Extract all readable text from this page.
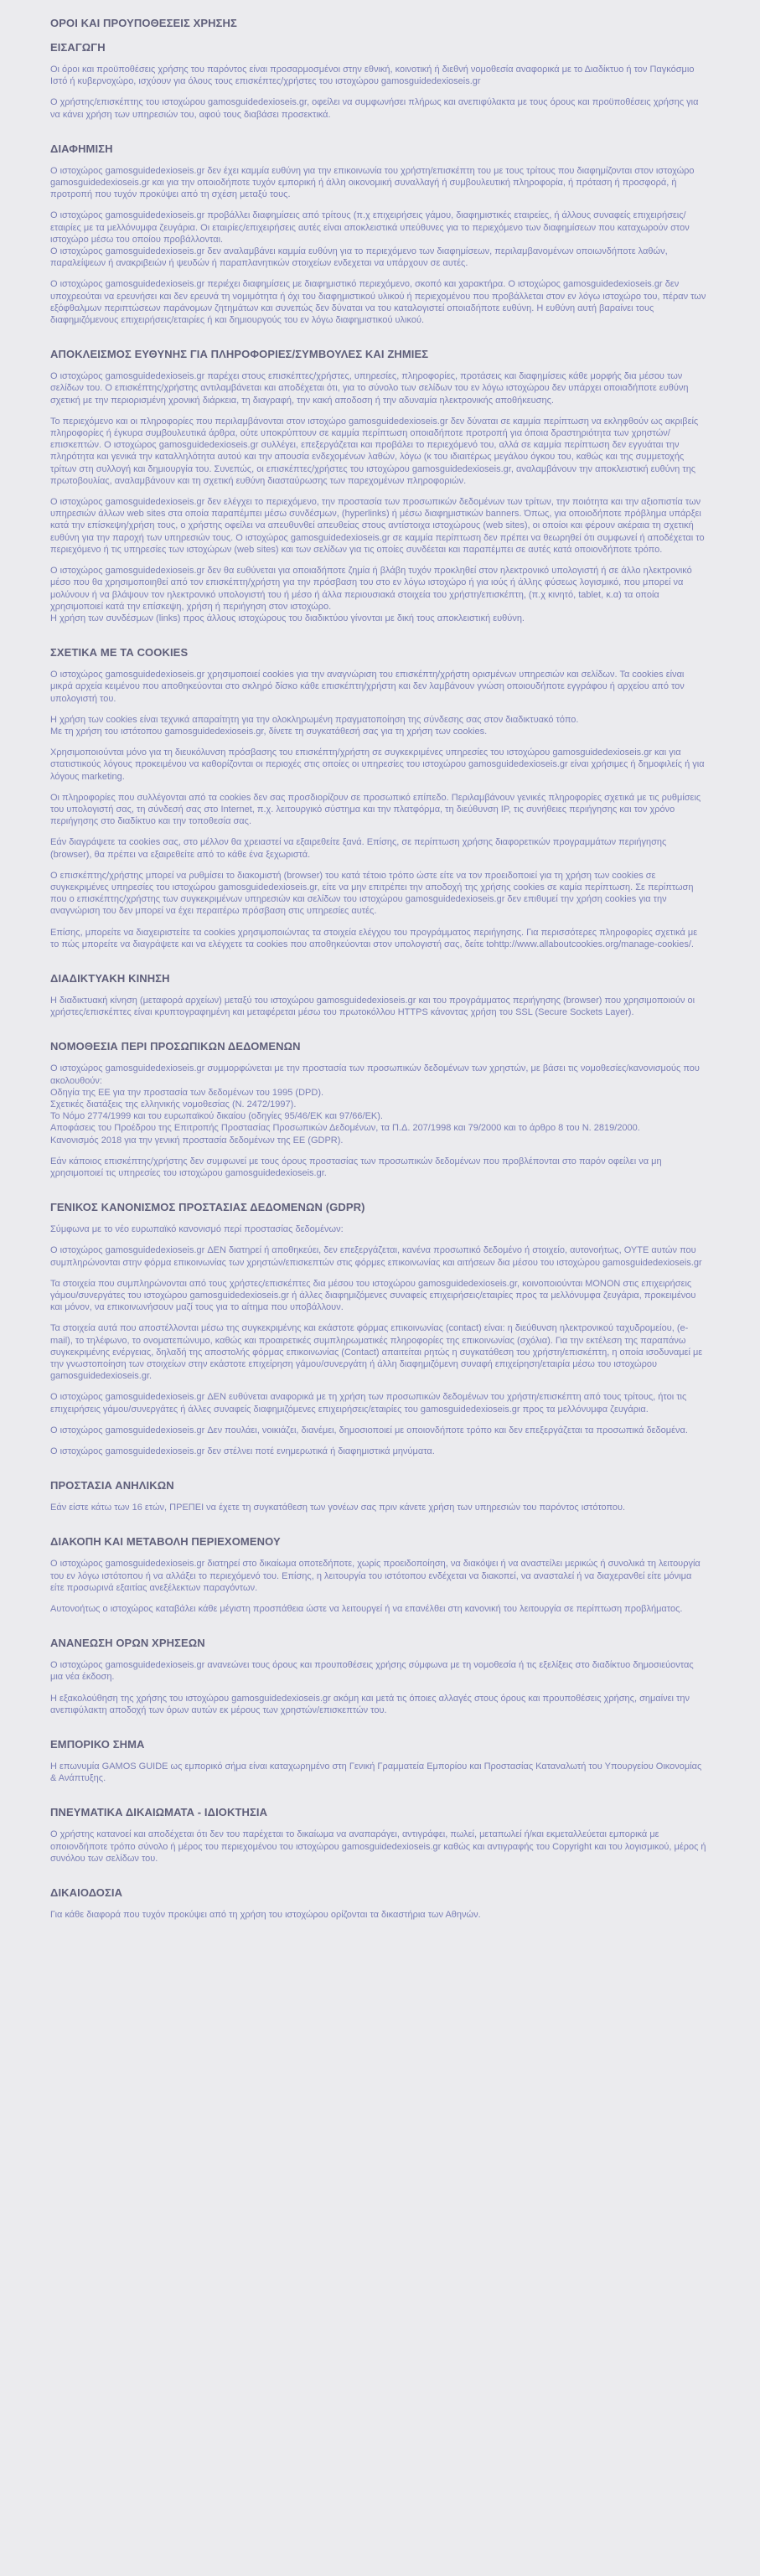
ΟΡΟΙ ΚΑΙ ΠΡΟΥΠΟΘΕΣΕΙΣ ΧΡΗΣΗΣ
ΕΙΣΑΓΩΓΗ

Οι όροι και προϋποθέσεις χρήσης του παρόντος είναι προσαρμοσμένοι στην εθνική, κοινοτική ή διεθνή νομοθεσία αναφορικά με το Διαδίκτυο ή τον Παγκόσμιο Ιστό ή κυβερνοχώρο, ισχύουν για όλους τους επισκέπτες/χρήστες του ιστοχώρου gamosguidedexioseis.gr

Ο χρήστης/επισκέπτης του ιστοχώρου gamosguidedexioseis.gr, οφείλει να συμφωνήσει πλήρως και ανεπιφύλακτα με τους όρους και προϋποθέσεις χρήσης για να κάνει χρήση των υπηρεσιών του, αφού τους διαβάσει προσεκτικά.

ΔΙΑΦΗΜΙΣΗ

Ο ιστοχώρος gamosguidedexioseis.gr δεν έχει καμμία ευθύνη για την επικοινωνία του χρήστη/επισκέπτη του με τους τρίτους που διαφημίζονται στον ιστοχώρο gamosguidedexioseis.gr και για την οποιοδήποτε τυχόν εμπορική ή άλλη οικονομική συναλλαγή ή συμβουλευτική πληροφορία, ή πρόταση ή προσφορά, ή προτροπή που τυχόν προκύψει από τη σχέση μεταξύ τους.

Ο ιστοχώρος gamosguidedexioseis.gr προβάλλει διαφημίσεις από τρίτους (π.χ επιχειρήσεις γάμου, διαφημιστικές εταιρείες, ή άλλους συναφείς επιχειρήσεις/εταιρίες με τα μελλόνυμφα ζευγάρια. Οι εταιρίες/επιχειρήσεις αυτές είναι αποκλειστικά υπεύθυνες για το περιεχόμενο των διαφημίσεων που καταχωρούν στον ιστοχώρο μέσω του οποίου προβάλλονται.
Ο ιστοχώρος gamosguidedexioseis.gr δεν αναλαμβάνει καμμία ευθύνη για το περιεχόμενο των διαφημίσεων, περιλαμβανομένων οποιωνδήποτε λαθών, παραλείψεων ή ανακριβειών ή ψευδών ή παραπλανητικών στοιχείων ενδεχεται να υπάρχουν σε αυτές.

Ο ιστοχώρος gamosguidedexioseis.gr περιέχει διαφημίσεις με διαφημιστικό περιεχόμενο, σκοπό και χαρακτήρα. Ο ιστοχώρος gamosguidedexioseis.gr δεν υποχρεούται να ερευνήσει και δεν ερευνά τη νομιμότητα ή όχι του διαφημιστικού υλικού ή περιεχομένου που προβάλλεται στον εν λόγω ιστοχώρο του, πέραν των εξόφθαλμων περιπτώσεων παράνομων ζητημάτων και συνεπώς δεν δύναται να του καταλογιστεί οποιαδήποτε ευθύνη. Η ευθύνη αυτή βαραίνει τους διαφημιζόμενους επιχειρήσεις/εταιρίες ή και δημιουργούς του εν λόγω διαφημιστικού υλικού.

ΑΠΟΚΛΕΙΣΜΟΣ ΕΥΘΥΝΗΣ ΓΙΑ ΠΛΗΡΟΦΟΡΙΕΣ/ΣΥΜΒΟΥΛΕΣ ΚΑΙ ΖΗΜΙΕΣ

Ο ιστοχώρος gamosguidedexioseis.gr παρέχει στους επισκέπτες/χρήστες, υπηρεσίες, πληροφορίες, προτάσεις και διαφημίσεις κάθε μορφής δια μέσου των σελίδων του. Ο επισκέπτης/χρήστης αντιλαμβάνεται και αποδέχεται ότι, για το σύνολο των σελίδων του εν λόγω ιστοχώρου δεν υπάρχει οποιαδήποτε ευθύνη σχετική με την περιορισμένη χρονική διάρκεια, τη διαγραφή, την κακή αποδοση ή την αδυναμία ηλεκτρονικής αποθήκευσης.

Το περιεχόμενο και οι πληροφορίες που περιλαμβάνονται στον ιστοχώρο gamosguidedexioseis.gr δεν δύναται σε καμμία περίπτωση να εκληφθούν ως ακριβείς πληροφορίες ή έγκυρα συμβουλευτικά άρθρα, ούτε υποκρύπτουν σε καμμία περίπτωση οποιαδήποτε προτροπή για όποια δραστηριότητα των χρηστών/επισκεπτών. Ο ιστοχώρος gamosguidedexioseis.gr συλλέγει, επεξεργάζεται και προβάλει το περιεχόμενό του, αλλά σε καμμία περίπτωση δεν εγγυάται την πληρότητα και γενικά την καταλληλότητα αυτού και την απουσία ενδεχομένων λαθών, λόγω (κ του ιδιαιτέρως μεγάλου όγκου του, καθώς και της συμμετοχής τρίτων στη συλλογή και δημιουργία του. Συνεπώς, οι επισκέπτες/χρήστες του ιστοχώρου gamosguidedexioseis.gr, αναλαμβάνουν την αποκλειστική ευθύνη της πρωτοβουλίας, αναλαμβάνουν και τη σχετική ευθύνη διασταύρωσης των παρεχομένων πληροφοριών.

Ο ιστοχώρος gamosguidedexioseis.gr δεν ελέγχει το περιεχόμενο, την προστασία των προσωπικών δεδομένων των τρίτων, την ποιότητα και την αξιοπιστία των υπηρεσιών άλλων web sites στα οποία παραπέμπει μέσω συνδέσμων, (hyperlinks) ή μέσω διαφημιστικών banners. Όπως, για οποιοδήποτε πρόβλημα υπάρξει κατά την επίσκεψη/χρήση τους, ο χρήστης οφείλει να απευθυνθεί απευθείας στους αντίστοιχα ιστοχώρους (web sites), οι οποίοι και φέρουν ακέραια τη σχετική ευθύνη για την παροχή των υπηρεσιών τους. Ο ιστοχώρος gamosguidedexioseis.gr σε καμμία περίπτωση δεν πρέπει να θεωρηθεί ότι συμφωνεί ή αποδέχεται το περιεχόμενο ή τις υπηρεσίες των ιστοχώρων (web sites) και των σελίδων για τις οποίες συνδέεται και παραπέμπει σε αυτές κατά οποιονδήποτε τρόπο.

Ο ιστοχώρος gamosguidedexioseis.gr δεν θα ευθύνεται για οποιαδήποτε ζημία ή βλάβη τυχόν προκληθεί στον ηλεκτρονικό υπολογιστή ή σε άλλο ηλεκτρονικό μέσο που θα χρησιμοποιηθεί από τον επισκέπτη/χρήστη για την πρόσβαση του στο εν λόγω ιστοχώρο ή για ιούς ή άλλης φύσεως λογισμικό, που μπορεί να μολύνουν ή να βλάψουν τον ηλεκτρονικό υπολογιστή του ή μέσο ή άλλα περιουσιακά στοιχεία του χρήστη/επισκέπτη, (π.χ κινητό, tablet, κ.α) τα οποία χρησιμοποιεί κατά την επίσκεψη, χρήση ή περιήγηση στον ιστοχώρο.
Η χρήση των συνδέσμων (links) προς άλλους ιστοχώρους του διαδικτύου γίνονται με δική τους αποκλειστική ευθύνη.

ΣΧΕΤΙΚΑ ΜΕ ΤΑ COOKIES

Ο ιστοχώρος gamosguidedexioseis.gr χρησιμοποιεί cookies για την αναγνώριση του επισκέπτη/χρήστη ορισμένων υπηρεσιών και σελίδων. Τα cookies είναι μικρά αρχεία κειμένου που αποθηκεύονται στο σκληρό δίσκο κάθε επισκέπτη/χρήστη και δεν λαμβάνουν γνώση οποιουδήποτε εγγράφου ή αρχείου από τον υπολογιστή του.

Η χρήση των cookies είναι τεχνικά απαραίτητη για την ολοκληρωμένη πραγματοποίηση της σύνδεσης σας στον διαδικτυακό τόπο.
Με τη χρήση του ιστότοπου gamosguidedexioseis.gr, δίνετε τη συγκατάθεσή σας για τη χρήση των cookies.

Χρησιμοποιούνται μόνο για τη διευκόλυνση πρόσβασης του επισκέπτη/χρήστη σε συγκεκριμένες υπηρεσίες του ιστοχώρου gamosguidedexioseis.gr και για στατιστικούς λόγους προκειμένου να καθορίζονται οι περιοχές στις οποίες οι υπηρεσίες του ιστοχώρου gamosguidedexioseis.gr είναι χρήσιμες ή δημοφιλείς ή για λόγους marketing.

Οι πληροφορίες που συλλέγονται από τα cookies δεν σας προσδιορίζουν σε προσωπικό επίπεδο. Περιλαμβάνουν γενικές πληροφορίες σχετικά με τις ρυθμίσεις του υπολογιστή σας, τη σύνδεσή σας στο Internet, π.χ. λειτουργικό σύστημα και την πλατφόρμα, τη διεύθυνση IP, τις συνήθειες περιήγησης και τον χρόνο περιήγησης στο διαδίκτυο και την τοποθεσία σας.

Εάν διαγράψετε τα cookies σας, στο μέλλον θα χρειαστεί να εξαιρεθείτε ξανά. Επίσης, σε περίπτωση χρήσης διαφορετικών προγραμμάτων περιήγησης (browser), θα πρέπει να εξαιρεθείτε από το κάθε ένα ξεχωριστά.

Ο επισκέπτης/χρήστης μπορεί να ρυθμίσει το διακομιστή (browser) του κατά τέτοιο τρόπο ώστε είτε να τον προειδοποιεί για τη χρήση των cookies σε συγκεκριμένες υπηρεσίες του ιστοχώρου gamosguidedexioseis.gr, είτε να μην επιτρέπει την αποδοχή της χρήσης cookies σε καμία περίπτωση. Σε περίπτωση που ο επισκέπτης/χρήστης των συγκεκριμένων υπηρεσιών και σελίδων του ιστοχώρου gamosguidedexioseis.gr δεν επιθυμεί την χρήση cookies για την αναγνώριση του δεν μπορεί να έχει περαιτέρω πρόσβαση στις υπηρεσίες αυτές.

Επίσης, μπορείτε να διαχειριστείτε τα cookies χρησιμοποιώντας τα στοιχεία ελέγχου του προγράμματος περιήγησης. Για περισσότερες πληροφορίες σχετικά με το πώς μπορείτε να διαγράψετε και να ελέγχετε τα cookies που αποθηκεύονται στον υπολογιστή σας, δείτε tohttp://www.allaboutcookies.org/manage-cookies/.

ΔΙΑΔΙΚΤΥΑΚΗ ΚΙΝΗΣΗ

Η διαδικτυακή κίνηση (μεταφορά αρχείων) μεταξύ του ιστοχώρου gamosguidedexioseis.gr και του προγράμματος περιήγησης (browser) που χρησιμοποιούν οι χρήστες/επισκέπτες είναι κρυπτογραφημένη και μεταφέρεται μέσω του πρωτοκόλλου HTTPS κάνοντας χρήση του SSL (Secure Sockets Layer).

ΝΟΜΟΘΕΣΙΑ ΠΕΡΙ ΠΡΟΣΩΠΙΚΩΝ ΔΕΔΟΜΕΝΩΝ

Ο ιστοχώρος gamosguidedexioseis.gr συμμορφώνεται με την προστασία των προσωπικών δεδομένων των χρηστών, με βάσει τις νομοθεσίες/κανονισμούς που ακολουθούν:
Οδηγία της ΕΕ για την προστασία των δεδομένων του 1995 (DPD).
Σχετικές διατάξεις της ελληνικής νομοθεσίας (Ν. 2472/1997).
Το Νόμο 2774/1999 και του ευρωπαϊκού δικαίου (οδηγίες 95/46/ΕΚ και 97/66/ΕΚ).
Αποφάσεις του Προέδρου της Επιτροπής Προστασίας Προσωπικών Δεδομένων, τα Π.Δ. 207/1998 και 79/2000 και το άρθρο 8 του Ν. 2819/2000.
Κανονισμός 2018 για την γενική προστασία δεδομένων της ΕΕ (GDPR).

Εάν κάποιος επισκέπτης/χρήστης δεν συμφωνεί με τους όρους προστασίας των προσωπικών δεδομένων που προβλέπονται στο παρόν οφείλει να μη χρησιμοποιεί τις υπηρεσίες του ιστοχώρου gamosguidedexioseis.gr.

ΓΕΝΙΚΟΣ ΚΑΝΟΝΙΣΜΟΣ ΠΡΟΣΤΑΣΙΑΣ ΔΕΔΟΜΕΝΩΝ (GDPR)

Σύμφωνα με το νέο ευρωπαϊκό κανονισμό περί προστασίας δεδομένων:

Ο ιστοχώρος gamosguidedexioseis.gr ΔΕΝ διατηρεί ή αποθηκεύει, δεν επεξεργάζεται, κανένα προσωπικό δεδομένο ή στοιχείο, αυτονοήτως, ΟΥΤΕ αυτών που συμπληρώνονται στην φόρμα επικοινωνίας των χρηστών/επισκεπτών στις φόρμες επικοινωνίας και αιτήσεων δια μέσου του ιστοχώρου gamosguidedexioseis.gr

Τα στοιχεία που συμπληρώνονται από τους χρήστες/επισκέπτες δια μέσου του ιστοχώρου gamosguidedexioseis.gr, κοινοποιούνται ΜΟΝΟΝ στις επιχειρήσεις γάμου/συνεργάτες του ιστοχώρου gamosguidedexioseis.gr ή άλλες διαφημιζόμενες συναφείς επιχειρήσεις/εταιρίες προς τα μελλόνυμφα ζευγάρια, προκειμένου και μόνον, να επικοινωνήσουν μαζί τους για το αίτημα που υποβάλλουν.

Τα στοιχεία αυτά που αποστέλλονται μέσω της συγκεκριμένης και εκάστοτε φόρμας επικοινωνίας (contact) είναι: η διεύθυνση ηλεκτρονικού ταχυδρομείου, (e-mail), το τηλέφωνο, το ονοματεπώνυμο, καθώς και προαιρετικές συμπληρωματικές πληροφορίες της επικοινωνίας (σχόλια). Για την εκτέλεση της παραπάνω συγκεκριμένης ενέργειας, δηλαδή της αποστολής φόρμας επικοινωνίας (Contact) απαιτείται ρητώς η συγκατάθεση του χρήστη/επισκέπτη, η οποία ισοδυναμεί με την γνωστοποίηση των στοιχείων στην εκάστοτε επιχείρηση γάμου/συνεργάτη ή άλλη διαφημιζόμενη συναφή επιχείρηση/εταιρία μέσω του ιστοχώρου gamosguidedexioseis.gr.

Ο ιστοχώρος gamosguidedexioseis.gr ΔΕΝ ευθύνεται αναφορικά με τη χρήση των προσωπικών δεδομένων του χρήστη/επισκέπτη από τους τρίτους, ήτοι τις επιχειρήσεις γάμου/συνεργάτες ή άλλες συναφείς διαφημιζόμενες επιχειρήσεις/εταιρίες του gamosguidedexioseis.gr προς τα μελλόνυμφα ζευγάρια.

Ο ιστοχώρος gamosguidedexioseis.gr Δεν πουλάει, νοικιάζει, διανέμει, δημοσιοποιεί με οποιονδήποτε τρόπο και δεν επεξεργάζεται τα προσωπικά δεδομένα.

Ο ιστοχώρος gamosguidedexioseis.gr δεν στέλνει ποτέ ενημερωτικά ή διαφημιστικά μηνύματα.

ΠΡΟΣΤΑΣΙΑ ΑΝΗΛΙΚΩΝ

Εάν είστε κάτω των 16 ετών, ΠΡΕΠΕΙ να έχετε τη συγκατάθεση των γονέων σας πριν κάνετε χρήση των υπηρεσιών του παρόντος ιστότοπου.

ΔΙΑΚΟΠΗ ΚΑΙ ΜΕΤΑΒΟΛΗ ΠΕΡΙΕΧΟΜΕΝΟΥ

Ο ιστοχώρος gamosguidedexioseis.gr διατηρεί στο δικαίωμα οποτεδήποτε, χωρίς προειδοποίηση, να διακόψει ή να αναστείλει μερικώς ή συνολικά τη λειτουργία του εν λόγω ιστότοπου ή να αλλάξει το περιεχόμενό του. Επίσης, η λειτουργία του ιστότοπου ενδέχεται να διακοπεί, να ανασταλεί ή να διαχερανθεί είτε μόνιμα είτε προσωρινά εξαιτίας ανεξέλεκτων παραγόντων.

Αυτονοήτως ο ιστοχώρος καταβάλει κάθε μέγιστη προσπάθεια ώστε να λειτουργεί ή να επανέλθει στη κανονική του λειτουργία σε περίπτωση προβλήματος.

ΑΝΑΝΕΩΣΗ ΟΡΩΝ ΧΡΗΣΕΩΝ

Ο ιστοχώρος gamosguidedexioseis.gr ανανεώνει τους όρους και προυποθέσεις χρήσης σύμφωνα με τη νομοθεσία ή τις εξελίξεις στο διαδίκτυο δημοσιεύοντας μια νέα έκδοση.

Η εξακολούθηση της χρήσης του ιστοχώρου gamosguidedexioseis.gr ακόμη και μετά τις όποιες αλλαγές στους όρους και προυποθέσεις χρήσης, σημαίνει την ανεπιφύλακτη αποδοχή των όρων αυτών εκ μέρους των χρηστών/επισκεπτών του.

ΕΜΠΟΡΙΚΟ ΣΗΜΑ

Η επωνυμία GAMOS GUIDE ως εμπορικό σήμα είναι καταχωρημένο στη Γενική Γραμματεία Εμπορίου και Προστασίας Καταναλωτή του Υπουργείου Οικονομίας & Ανάπτυξης.

ΠΝΕΥΜΑΤΙΚΑ ΔΙΚΑΙΩΜΑΤΑ - ΙΔΙΟΚΤΗΣΙΑ

Ο χρήστης κατανοεί και αποδέχεται ότι δεν του παρέχεται το δικαίωμα να αναπαράγει, αντιγράφει, πωλεί, μεταπωλεί ή/και εκμεταλλεύεται εμπορικά με οποιονδήποτε τρόπο σύνολο ή μέρος του περιεχομένου του ιστοχώρου gamosguidedexioseis.gr καθώς και αντιγραφής του Copyright και του λογισμικού, μέρος ή συνόλου των σελίδων του.

ΔΙΚΑΙΟΔΟΣΙΑ

Για κάθε διαφορά που τυχόν προκύψει από τη χρήση του ιστοχώρου ορίζονται τα δικαστήρια των Αθηνών.
